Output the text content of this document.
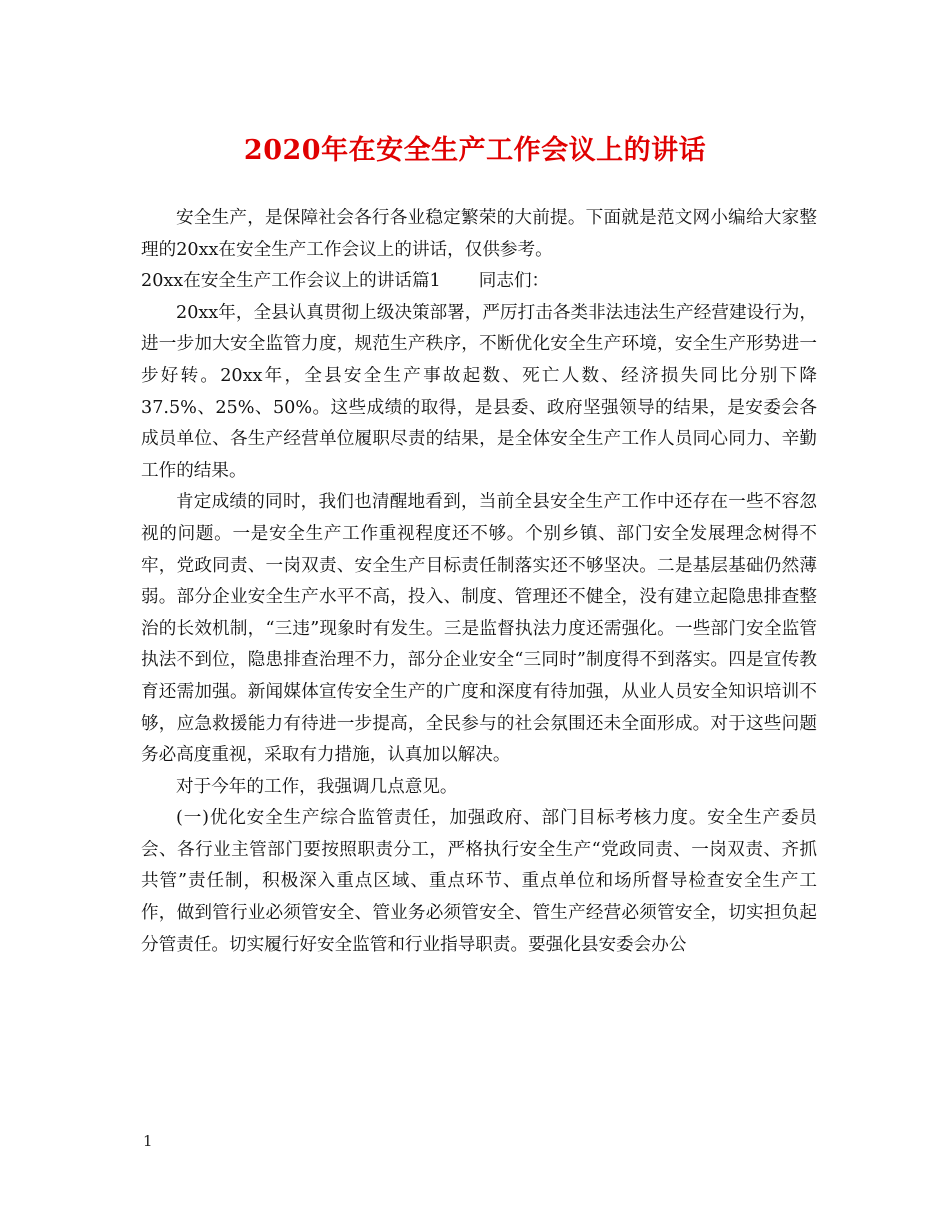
2020年在安全生产工作会议上的讲话

安全生产，是保障社会各行各业稳定繁荣的大前提。下面就是范文网小编给大家整理的20xx在安全生产工作会议上的讲话，仅供参考。

20xx在安全生产工作会议上的讲话篇1 同志们：

20xx年，全县认真贯彻上级决策部署，严厉打击各类非法违法生产经营建设行为，进一步加大安全监管力度，规范生产秩序，不断优化安全生产环境，安全生产形势进一步好转。20xx年，全县安全生产事故起数、死亡人数、经济损失同比分别下降37.5%、25%、50%。这些成绩的取得，是县委、政府坚强领导的结果，是安委会各成员单位、各生产经营单位履职尽责的结果，是全体安全生产工作人员同心同力、辛勤工作的结果。

肯定成绩的同时，我们也清醒地看到，当前全县安全生产工作中还存在一些不容忽视的问题。一是安全生产工作重视程度还不够。个别乡镇、部门安全发展理念树得不牢，党政同责、一岗双责、安全生产目标责任制落实还不够坚决。二是基层基础仍然薄弱。部分企业安全生产水平不高，投入、制度、管理还不健全，没有建立起隐患排查整治的长效机制，“三违”现象时有发生。三是监督执法力度还需强化。一些部门安全监管执法不到位，隐患排查治理不力，部分企业安全“三同时”制度得不到落实。四是宣传教育还需加强。新闻媒体宣传安全生产的广度和深度有待加强，从业人员安全知识培训不够，应急救援能力有待进一步提高，全民参与的社会氛围还未全面形成。对于这些问题务必高度重视，采取有力措施，认真加以解决。

对于今年的工作，我强调几点意见。

(一)优化安全生产综合监管责任，加强政府、部门目标考核力度。安全生产委员会、各行业主管部门要按照职责分工，严格执行安全生产“党政同责、一岗双责、齐抓共管”责任制，积极深入重点区域、重点环节、重点单位和场所督导检查安全生产工作，做到管行业必须管安全、管业务必须管安全、管生产经营必须管安全，切实担负起分管责任。切实履行好安全监管和行业指导职责。要强化县安委会办公

1
